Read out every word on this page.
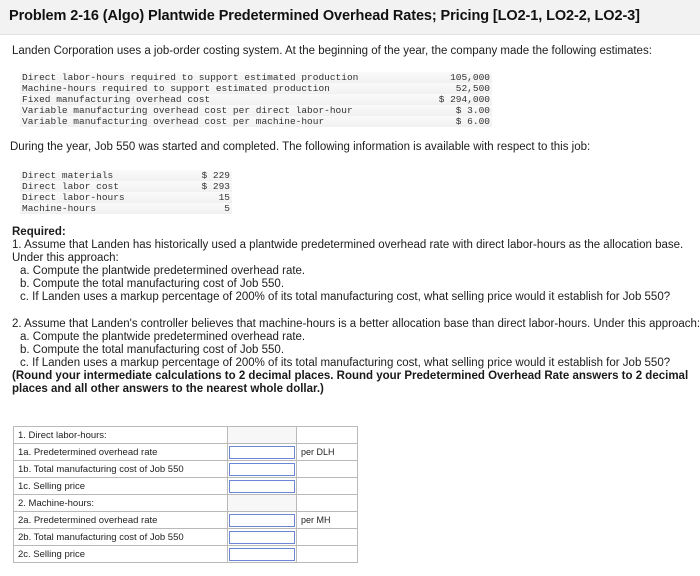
Problem 2-16 (Algo) Plantwide Predetermined Overhead Rates; Pricing [LO2-1, LO2-2, LO2-3]
Landen Corporation uses a job-order costing system. At the beginning of the year, the company made the following estimates:
Direct labor-hours required to support estimated production	105,000
Machine-hours required to support estimated production	52,500
Fixed manufacturing overhead cost	$ 294,000
Variable manufacturing overhead cost per direct labor-hour	$ 3.00
Variable manufacturing overhead cost per machine-hour	$ 6.00
During the year, Job 550 was started and completed. The following information is available with respect to this job:
Direct materials	$ 229
Direct labor cost	$ 293
Direct labor-hours	15
Machine-hours	5

Required:

1. Assume that Landen has historically used a plantwide predetermined overhead rate with direct labor-hours as the allocation base.

Under this approach:

a. Compute the plantwide predetermined overhead rate.

b. Compute the total manufacturing cost of Job 550.

c. If Landen uses a markup percentage of 200% of its total manufacturing cost, what selling price would it establish for Job 550?

2. Assume that Landen's controller believes that machine-hours is a better allocation base than direct labor-hours. Under this approach:

a. Compute the plantwide predetermined overhead rate.

b. Compute the total manufacturing cost of Job 550.

c. If Landen uses a markup percentage of 200% of its total manufacturing cost, what selling price would it establish for Job 550?

(Round your intermediate calculations to 2 decimal places. Round your Predetermined Overhead Rate answers to 2 decimal places and all other answers to the nearest whole dollar.)

1. Direct labor-hours:		
1a. Predetermined overhead rate		per DLH
1b. Total manufacturing cost of Job 550		
1c. Selling price		
2. Machine-hours:		
2a. Predetermined overhead rate		per MH
2b. Total manufacturing cost of Job 550		
2c. Selling price		
